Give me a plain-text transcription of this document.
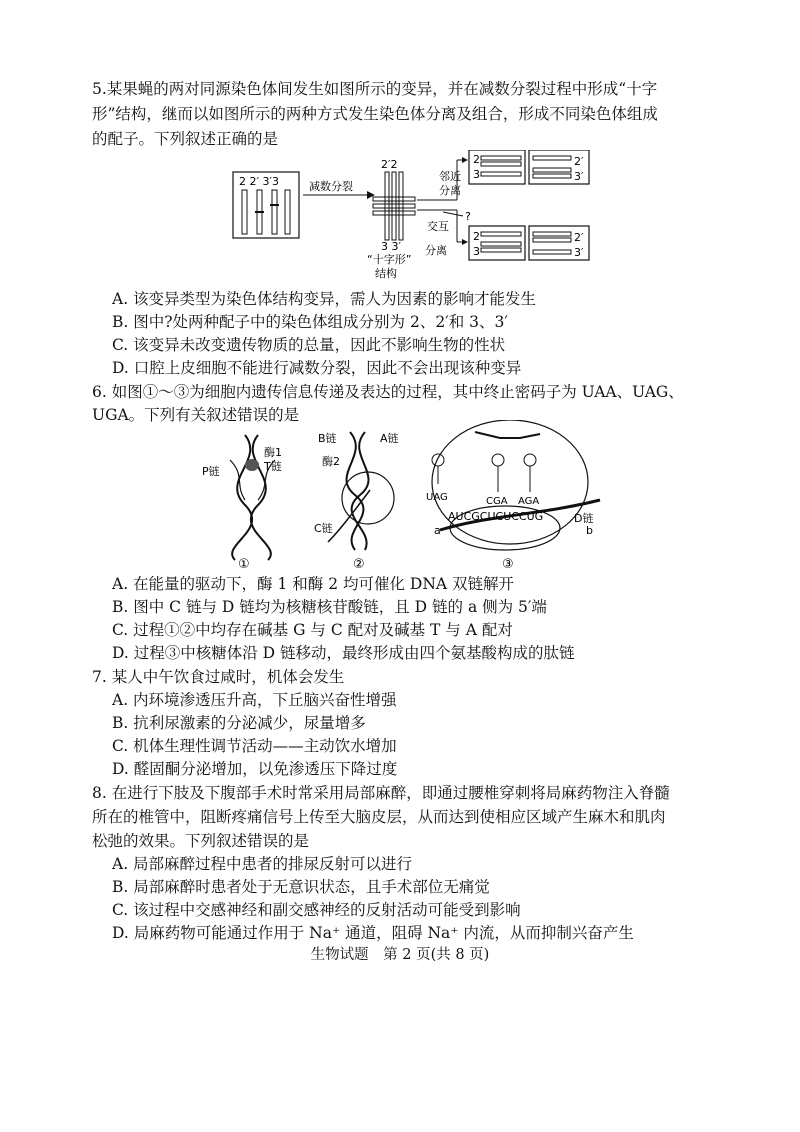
5.某果蝇的两对同源染色体间发生如图所示的变异，并在减数分裂过程中形成“十字
形”结构，继而以如图所示的两种方式发生染色体分离及组合，形成不同染色体组成
的配子。下列叙述正确的是
2 2′ 3′3	减数分裂
2′2
3 3′
“十字形”
结构
邻近
分离
?
交互
分离
2
3
2′
3′
2
3
2′
3′
A. 该变异类型为染色体结构变异，需人为因素的影响才能发生
B. 图中?处两种配子中的染色体组成分别为 2、2′和 3、3′
C. 该变异未改变遗传物质的总量，因此不影响生物的性状
D. 口腔上皮细胞不能进行减数分裂，因此不会出现该种变异
6. 如图①～③为细胞内遗传信息传递及表达的过程，其中终止密码子为 UAA、UAG、
UGA。下列有关叙述错误的是
P链
酶1
T链
①
B链	A链
酶2
C链
②
UAG	CGA AGA
AUCGCUCUCCUG	D链
a	b
③
A. 在能量的驱动下，酶 1 和酶 2 均可催化 DNA 双链解开
B. 图中 C 链与 D 链均为核糖核苷酸链，且 D 链的 a 侧为 5′端
C. 过程①②中均存在碱基 G 与 C 配对及碱基 T 与 A 配对
D. 过程③中核糖体沿 D 链移动，最终形成由四个氨基酸构成的肽链
7. 某人中午饮食过咸时，机体会发生
A. 内环境渗透压升高，下丘脑兴奋性增强
B. 抗利尿激素的分泌减少，尿量增多
C. 机体生理性调节活动——主动饮水增加
D. 醛固酮分泌增加，以免渗透压下降过度
8. 在进行下肢及下腹部手术时常采用局部麻醉，即通过腰椎穿刺将局麻药物注入脊髓
所在的椎管中，阻断疼痛信号上传至大脑皮层，从而达到使相应区域产生麻木和肌肉
松弛的效果。下列叙述错误的是
A. 局部麻醉过程中患者的排尿反射可以进行
B. 局部麻醉时患者处于无意识状态，且手术部位无痛觉
C. 该过程中交感神经和副交感神经的反射活动可能受到影响
D. 局麻药物可能通过作用于 Na⁺ 通道，阻碍 Na⁺ 内流，从而抑制兴奋产生
生物试题　第 2 页(共 8 页)
